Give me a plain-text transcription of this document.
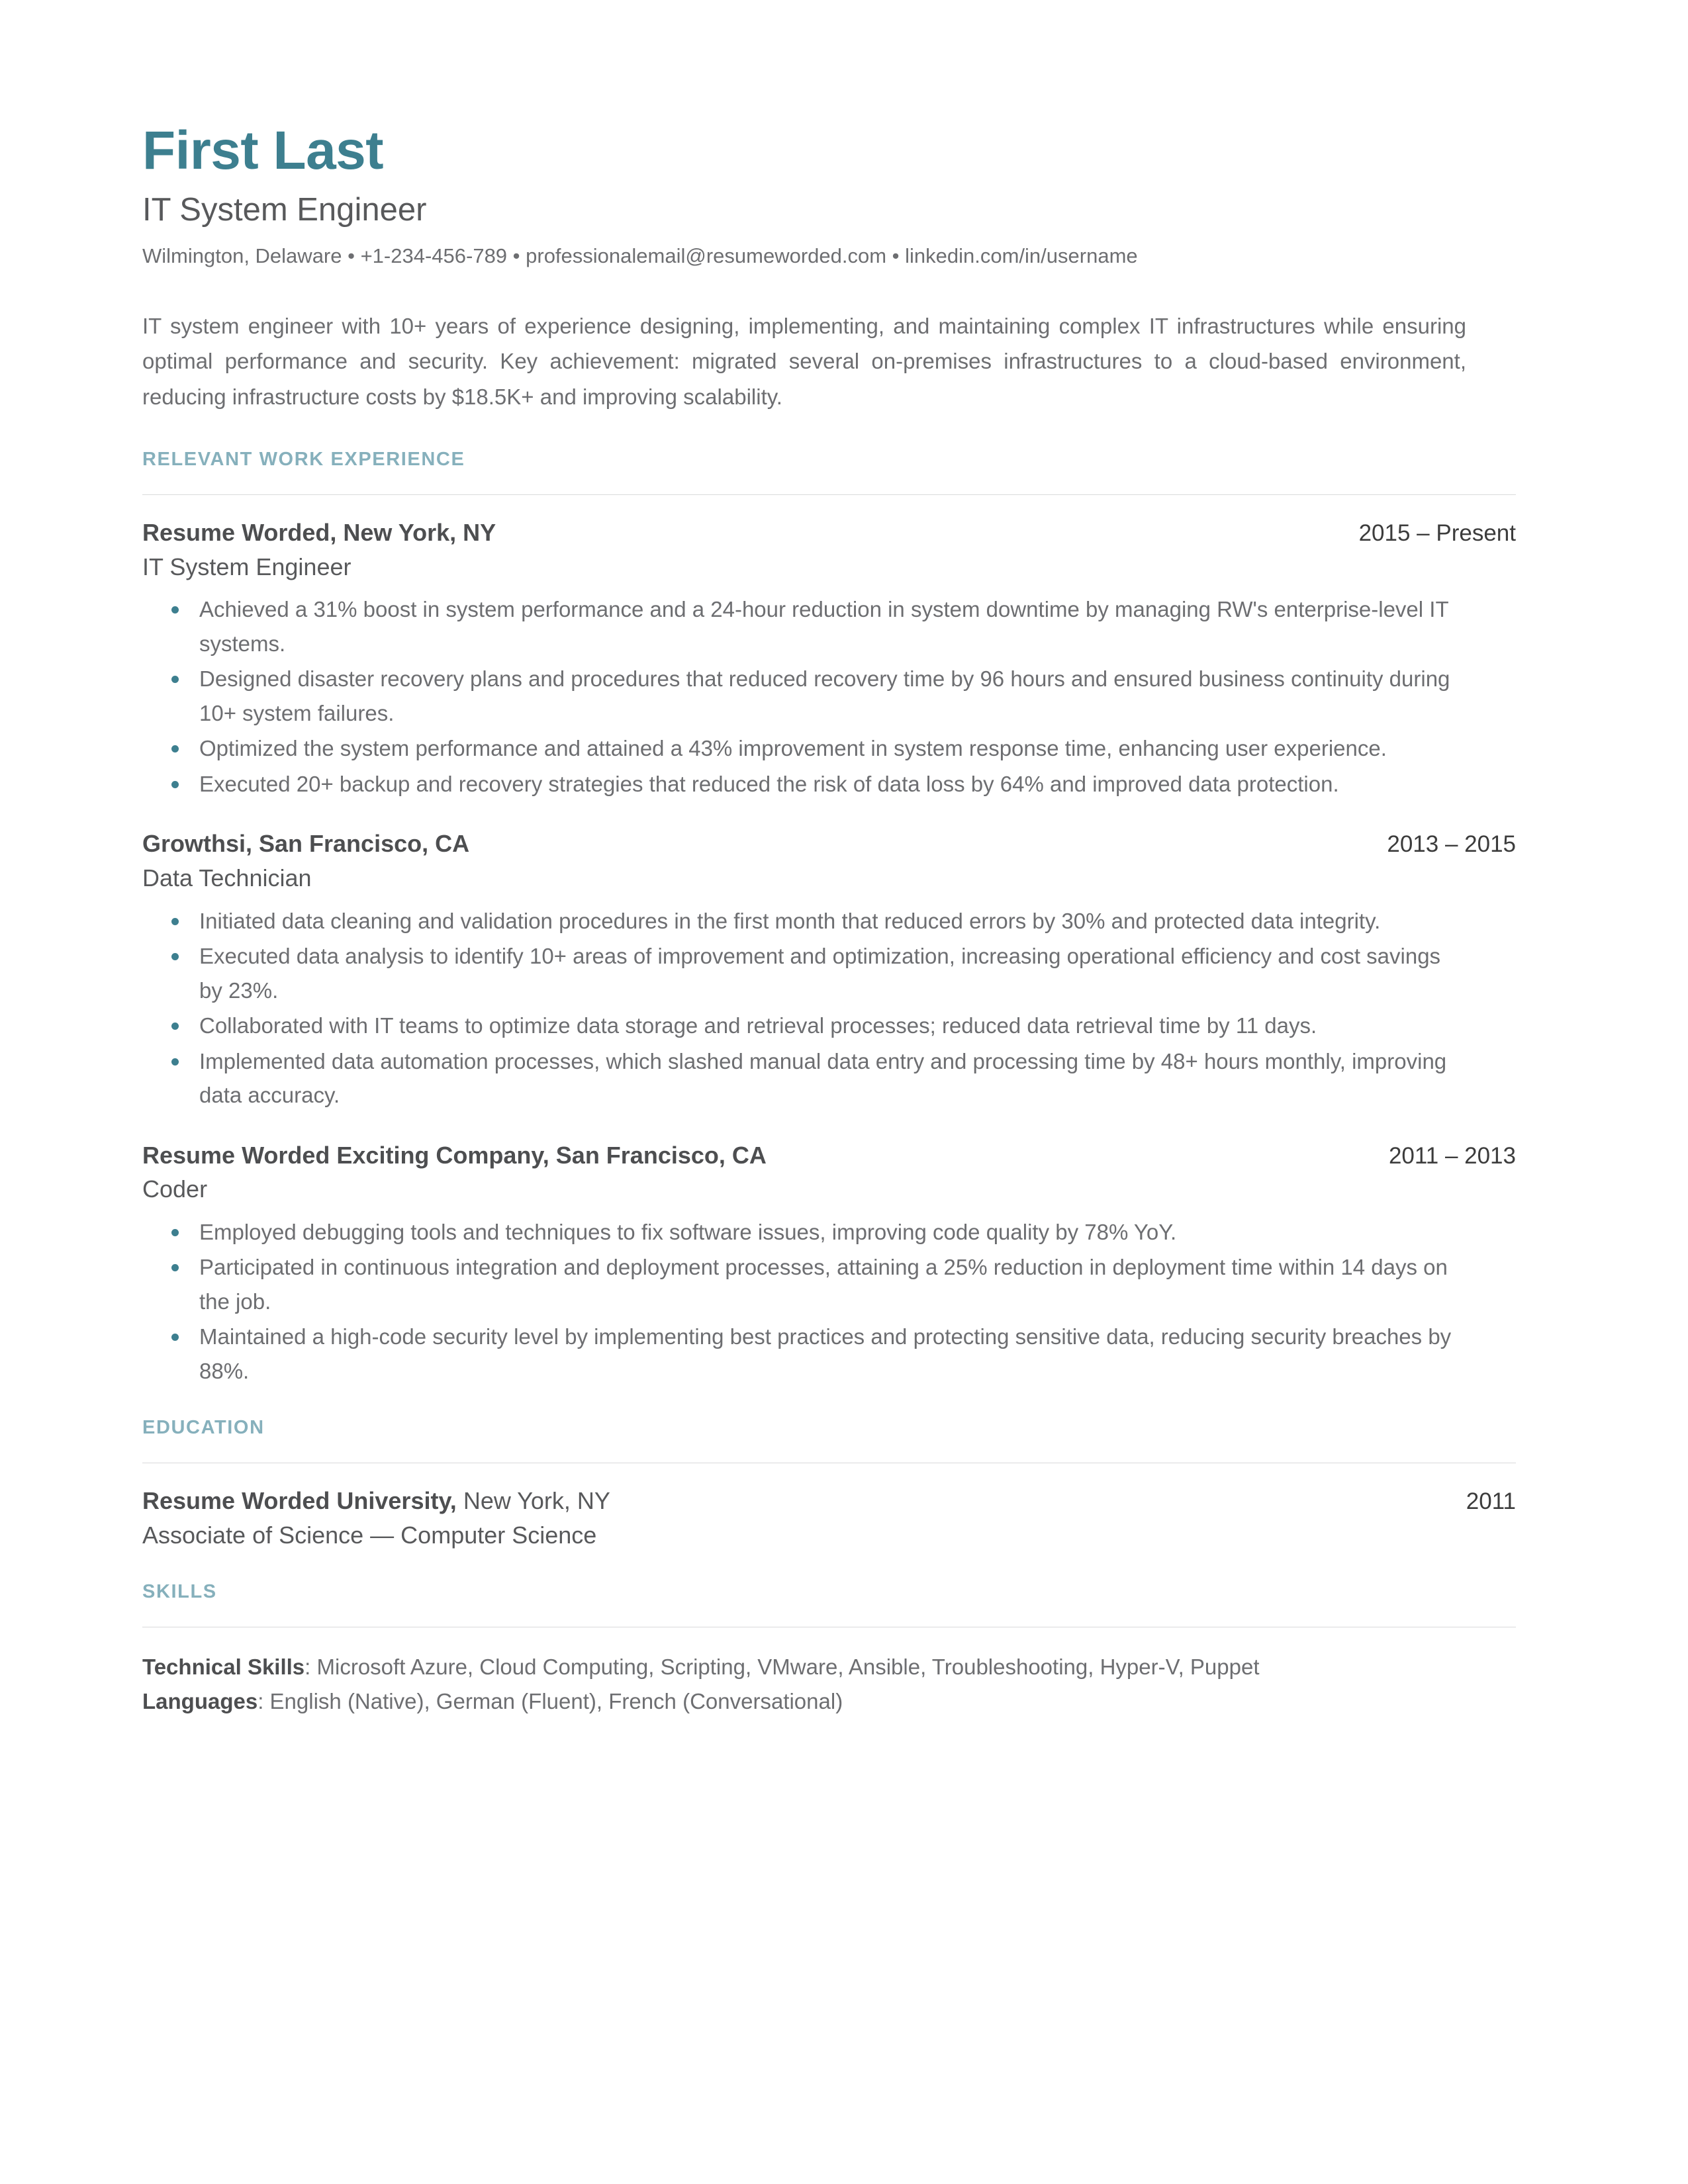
First Last
IT System Engineer
Wilmington, Delaware • +1-234-456-789 • professionalemail@resumeworded.com • linkedin.com/in/username

IT system engineer with 10+ years of experience designing, implementing, and maintaining complex IT infrastructures while ensuring optimal performance and security. Key achievement: migrated several on-premises infrastructures to a cloud-based environment, reducing infrastructure costs by $18.5K+ and improving scalability.

RELEVANT WORK EXPERIENCE
Resume Worded, New York, NY	2015 – Present
IT System Engineer
Achieved a 31% boost in system performance and a 24-hour reduction in system downtime by managing RW's enterprise-level IT systems.
Designed disaster recovery plans and procedures that reduced recovery time by 96 hours and ensured business continuity during 10+ system failures.
Optimized the system performance and attained a 43% improvement in system response time, enhancing user experience.
Executed 20+ backup and recovery strategies that reduced the risk of data loss by 64% and improved data protection.
Growthsi, San Francisco, CA	2013 – 2015
Data Technician
Initiated data cleaning and validation procedures in the first month that reduced errors by 30% and protected data integrity.
Executed data analysis to identify 10+ areas of improvement and optimization, increasing operational efficiency and cost savings by 23%.
Collaborated with IT teams to optimize data storage and retrieval processes; reduced data retrieval time by 11 days.
Implemented data automation processes, which slashed manual data entry and processing time by 48+ hours monthly, improving data accuracy.
Resume Worded Exciting Company, San Francisco, CA	2011 – 2013
Coder
Employed debugging tools and techniques to fix software issues, improving code quality by 78% YoY.
Participated in continuous integration and deployment processes, attaining a 25% reduction in deployment time within 14 days on the job.
Maintained a high-code security level by implementing best practices and protecting sensitive data, reducing security breaches by 88%.
EDUCATION
Resume Worded University, New York, NY	2011
Associate of Science — Computer Science
SKILLS
Technical Skills: Microsoft Azure, Cloud Computing, Scripting, VMware, Ansible, Troubleshooting, Hyper-V, Puppet
Languages: English (Native), German (Fluent), French (Conversational)
